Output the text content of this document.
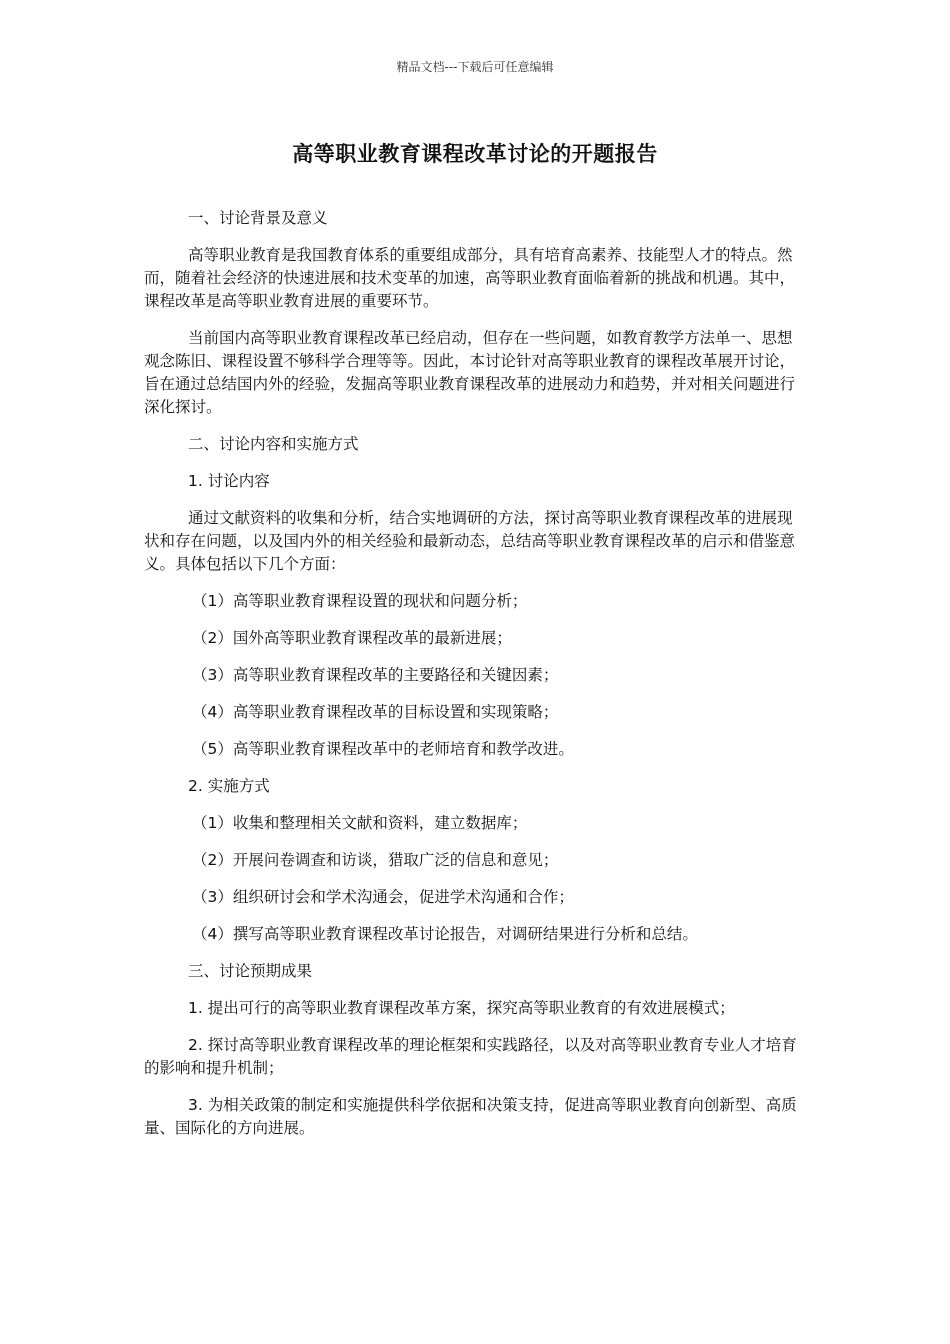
精品文档---下载后可任意编辑
高等职业教育课程改革讨论的开题报告

一、讨论背景及意义

高等职业教育是我国教育体系的重要组成部分，具有培育高素养、技能型人才的特点。然而，随着社会经济的快速进展和技术变革的加速，高等职业教育面临着新的挑战和机遇。其中，课程改革是高等职业教育进展的重要环节。

当前国内高等职业教育课程改革已经启动，但存在一些问题，如教育教学方法单一、思想观念陈旧、课程设置不够科学合理等等。因此，本讨论针对高等职业教育的课程改革展开讨论，旨在通过总结国内外的经验，发掘高等职业教育课程改革的进展动力和趋势，并对相关问题进行深化探讨。

二、讨论内容和实施方式

1. 讨论内容

通过文献资料的收集和分析，结合实地调研的方法，探讨高等职业教育课程改革的进展现状和存在问题，以及国内外的相关经验和最新动态，总结高等职业教育课程改革的启示和借鉴意义。具体包括以下几个方面：

（1）高等职业教育课程设置的现状和问题分析；

（2）国外高等职业教育课程改革的最新进展；

（3）高等职业教育课程改革的主要路径和关键因素；

（4）高等职业教育课程改革的目标设置和实现策略；

（5）高等职业教育课程改革中的老师培育和教学改进。

2. 实施方式

（1）收集和整理相关文献和资料，建立数据库；

（2）开展问卷调查和访谈，猎取广泛的信息和意见；

（3）组织研讨会和学术沟通会，促进学术沟通和合作；

（4）撰写高等职业教育课程改革讨论报告，对调研结果进行分析和总结。

三、讨论预期成果

1. 提出可行的高等职业教育课程改革方案，探究高等职业教育的有效进展模式；

2. 探讨高等职业教育课程改革的理论框架和实践路径，以及对高等职业教育专业人才培育的影响和提升机制；

3. 为相关政策的制定和实施提供科学依据和决策支持，促进高等职业教育向创新型、高质量、国际化的方向进展。
